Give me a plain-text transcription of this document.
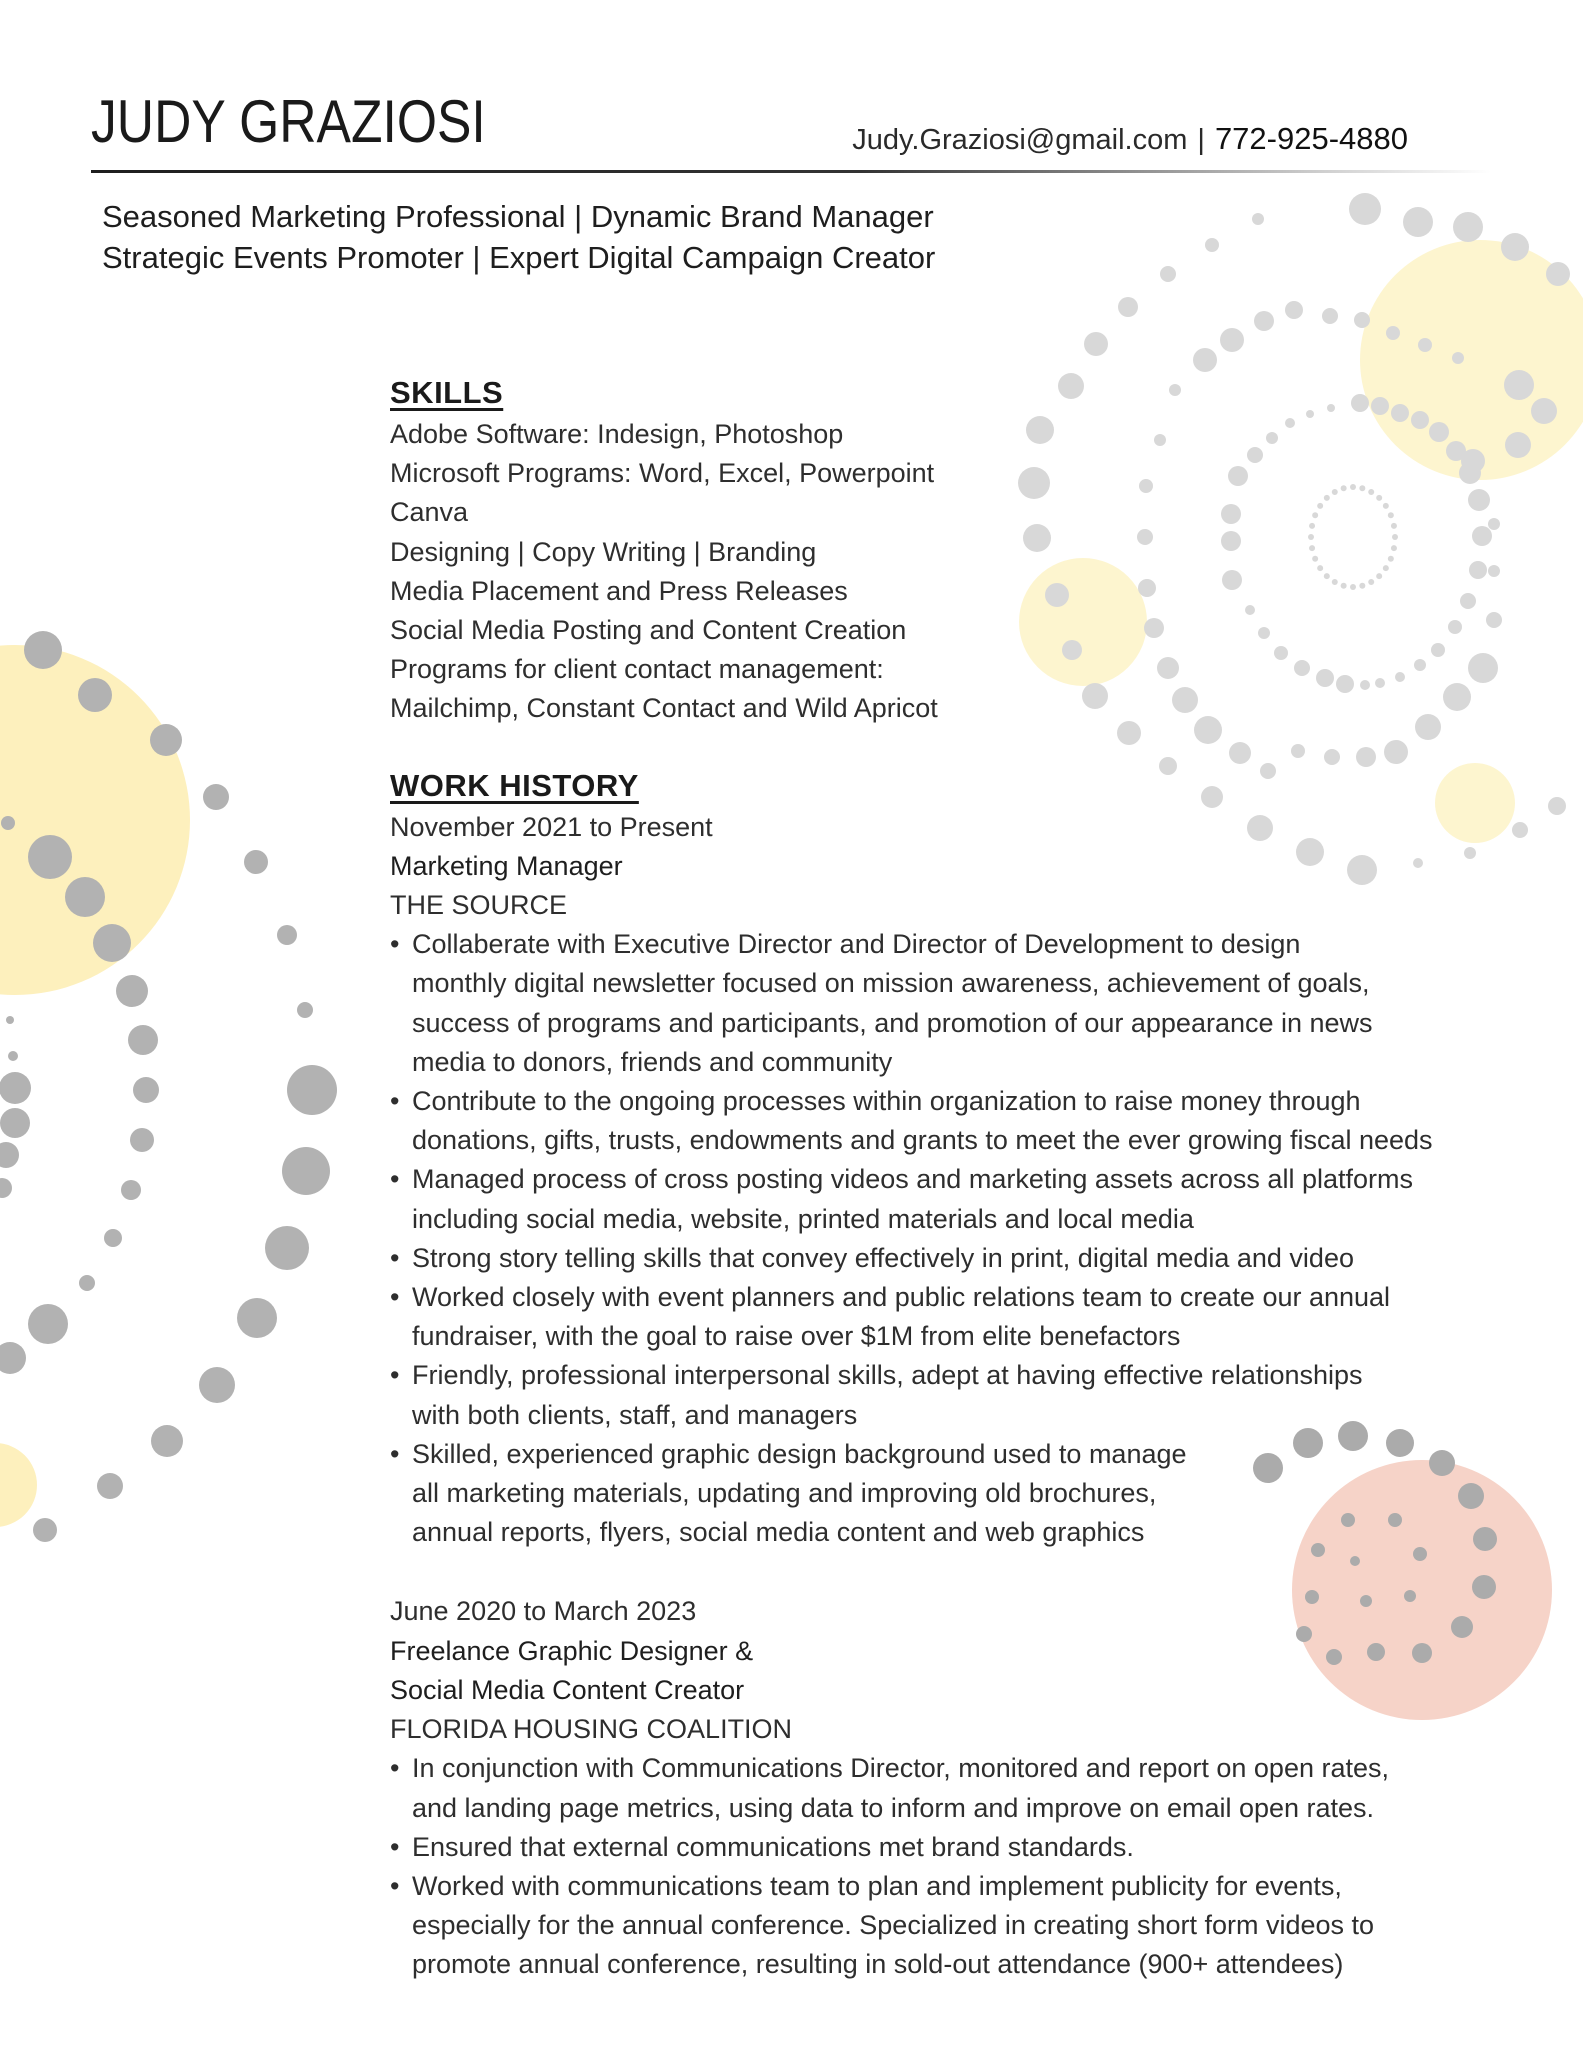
JUDY GRAZIOSI	Judy.Graziosi@gmail.com | 772-925-4880
Seasoned Marketing Professional | Dynamic Brand Manager
Strategic Events Promoter | Expert Digital Campaign Creator
SKILLS
Adobe Software: Indesign, Photoshop
Microsoft Programs: Word, Excel, Powerpoint
Canva
Designing | Copy Writing | Branding
Media Placement and Press Releases
Social Media Posting and Content Creation
Programs for client contact management:
Mailchimp, Constant Contact and Wild Apricot
WORK HISTORY
November 2021 to Present
Marketing Manager
THE SOURCE
• Collaberate with Executive Director and Director of Development to design
monthly digital newsletter focused on mission awareness, achievement of goals,
success of programs and participants, and promotion of our appearance in news
media to donors, friends and community
• Contribute to the ongoing processes within organization to raise money through
donations, gifts, trusts, endowments and grants to meet the ever growing fiscal needs
• Managed process of cross posting videos and marketing assets across all platforms
including social media, website, printed materials and local media
• Strong story telling skills that convey effectively in print, digital media and video
• Worked closely with event planners and public relations team to create our annual
fundraiser, with the goal to raise over $1M from elite benefactors
• Friendly, professional interpersonal skills, adept at having effective relationships
with both clients, staff, and managers
• Skilled, experienced graphic design background used to manage
all marketing materials, updating and improving old brochures,
annual reports, flyers, social media content and web graphics
June 2020 to March 2023
Freelance Graphic Designer &
Social Media Content Creator
FLORIDA HOUSING COALITION
• In conjunction with Communications Director, monitored and report on open rates,
and landing page metrics, using data to inform and improve on email open rates.
• Ensured that external communications met brand standards.
• Worked with communications team to plan and implement publicity for events,
especially for the annual conference. Specialized in creating short form videos to
promote annual conference, resulting in sold-out attendance (900+ attendees)
